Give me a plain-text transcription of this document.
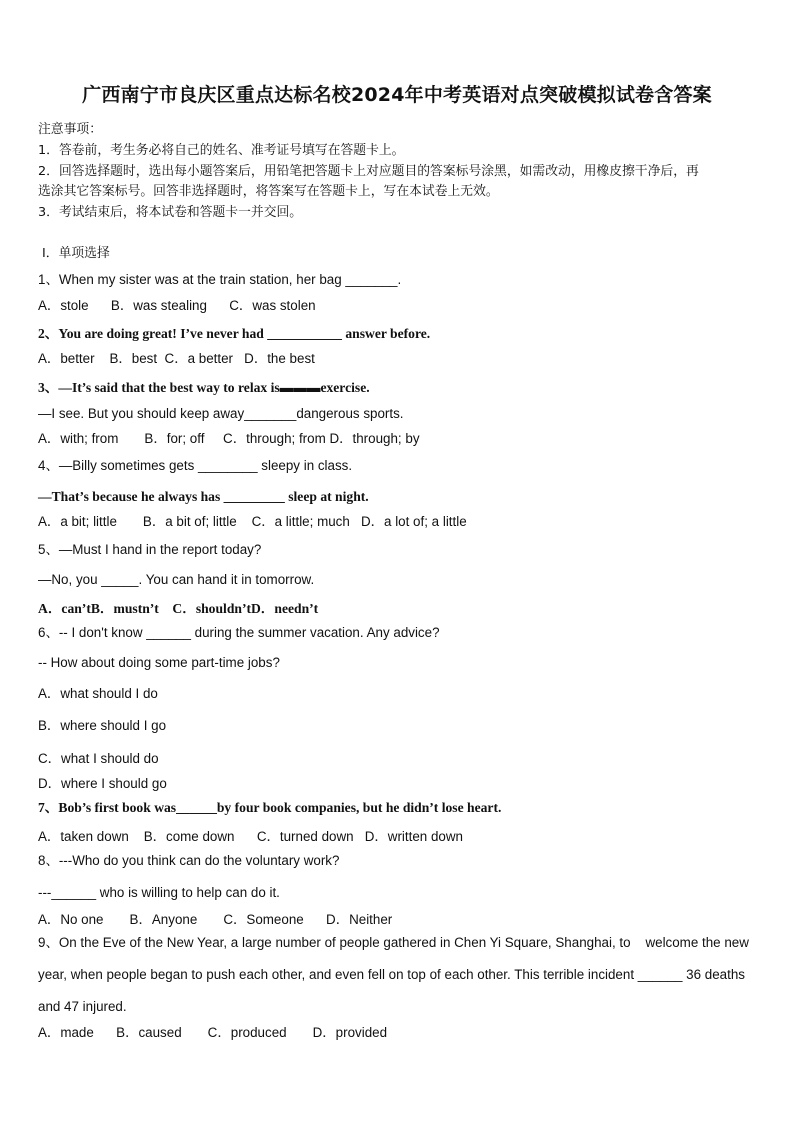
广西南宁市良庆区重点达标名校2024年中考英语对点突破模拟试卷含答案
注意事项：
1．答卷前，考生务必将自己的姓名、准考证号填写在答题卡上。
2．回答选择题时，选出每小题答案后，用铅笔把答题卡上对应题目的答案标号涂黑，如需改动，用橡皮擦干净后，再
选涂其它答案标号。回答非选择题时，将答案写在答题卡上，写在本试卷上无效。
3．考试结束后，将本试卷和答题卡一并交回。
Ⅰ．单项选择
1、When my sister was at the train station, her bag _______.
A．stole      B．was stealing      C．was stolen
2、You are doing great! I’ve never had ___________ answer before.
A．better    B．best  C．a better   D．the best
3、—It’s said that the best way to relax is▬▬▬exercise.
—I see. But you should keep away_______dangerous sports.
A．with; from       B．for; off     C．through; from D．through; by
4、—Billy sometimes gets ________ sleepy in class.
—That’s because he always has _________ sleep at night.
A．a bit; little       B．a bit of; little    C．a little; much   D．a lot of; a little
5、—Must I hand in the report today?
—No, you _____. You can hand it in tomorrow.
A．can’tB．mustn’t    C．shouldn’tD．needn’t
6、-- I don't know ______ during the summer vacation. Any advice?
-- How about doing some part-time jobs?
A．what should I do
B．where should I go
C．what I should do
D．where I should go
7、Bob’s first book was______by four book companies, but he didn’t lose heart.
A．taken down    B．come down      C．turned down   D．written down
8、---Who do you think can do the voluntary work?
---______ who is willing to help can do it.
A．No one       B．Anyone       C．Someone      D．Neither
9、On the Eve of the New Year, a large number of people gathered in Chen Yi Square, Shanghai, to    welcome the new
year, when people began to push each other, and even fell on top of each other. This terrible incident ______ 36 deaths
and 47 injured.
A．made      B．caused       C．produced       D．provided
